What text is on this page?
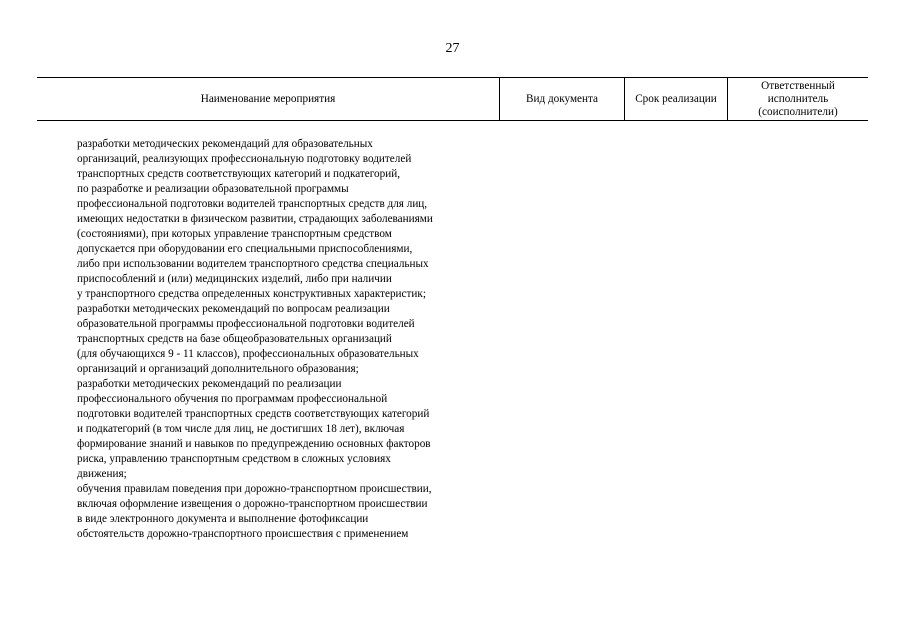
27
Наименование мероприятия	Вид документа	Срок реализации
Ответственный
исполнитель
(соисполнители)
разработки методических рекомендаций для образовательных
организаций, реализующих профессиональную подготовку водителей
транспортных средств соответствующих категорий и подкатегорий,
по разработке и реализации образовательной программы
профессиональной подготовки водителей транспортных средств для лиц,
имеющих недостатки в физическом развитии, страдающих заболеваниями
(состояниями), при которых управление транспортным средством
допускается при оборудовании его специальными приспособлениями,
либо при использовании водителем транспортного средства специальных
приспособлений и (или) медицинских изделий, либо при наличии
у транспортного средства определенных конструктивных характеристик;
разработки методических рекомендаций по вопросам реализации
образовательной программы профессиональной подготовки водителей
транспортных средств на базе общеобразовательных организаций
(для обучающихся 9 - 11 классов), профессиональных образовательных
организаций и организаций дополнительного образования;
разработки методических рекомендаций по реализации
профессионального обучения по программам профессиональной
подготовки водителей транспортных средств соответствующих категорий
и подкатегорий (в том числе для лиц, не достигших 18 лет), включая
формирование знаний и навыков по предупреждению основных факторов
риска, управлению транспортным средством в сложных условиях
движения;
обучения правилам поведения при дорожно-транспортном происшествии,
включая оформление извещения о дорожно-транспортном происшествии
в виде электронного документа и выполнение фотофиксации
обстоятельств дорожно-транспортного происшествия с применением
